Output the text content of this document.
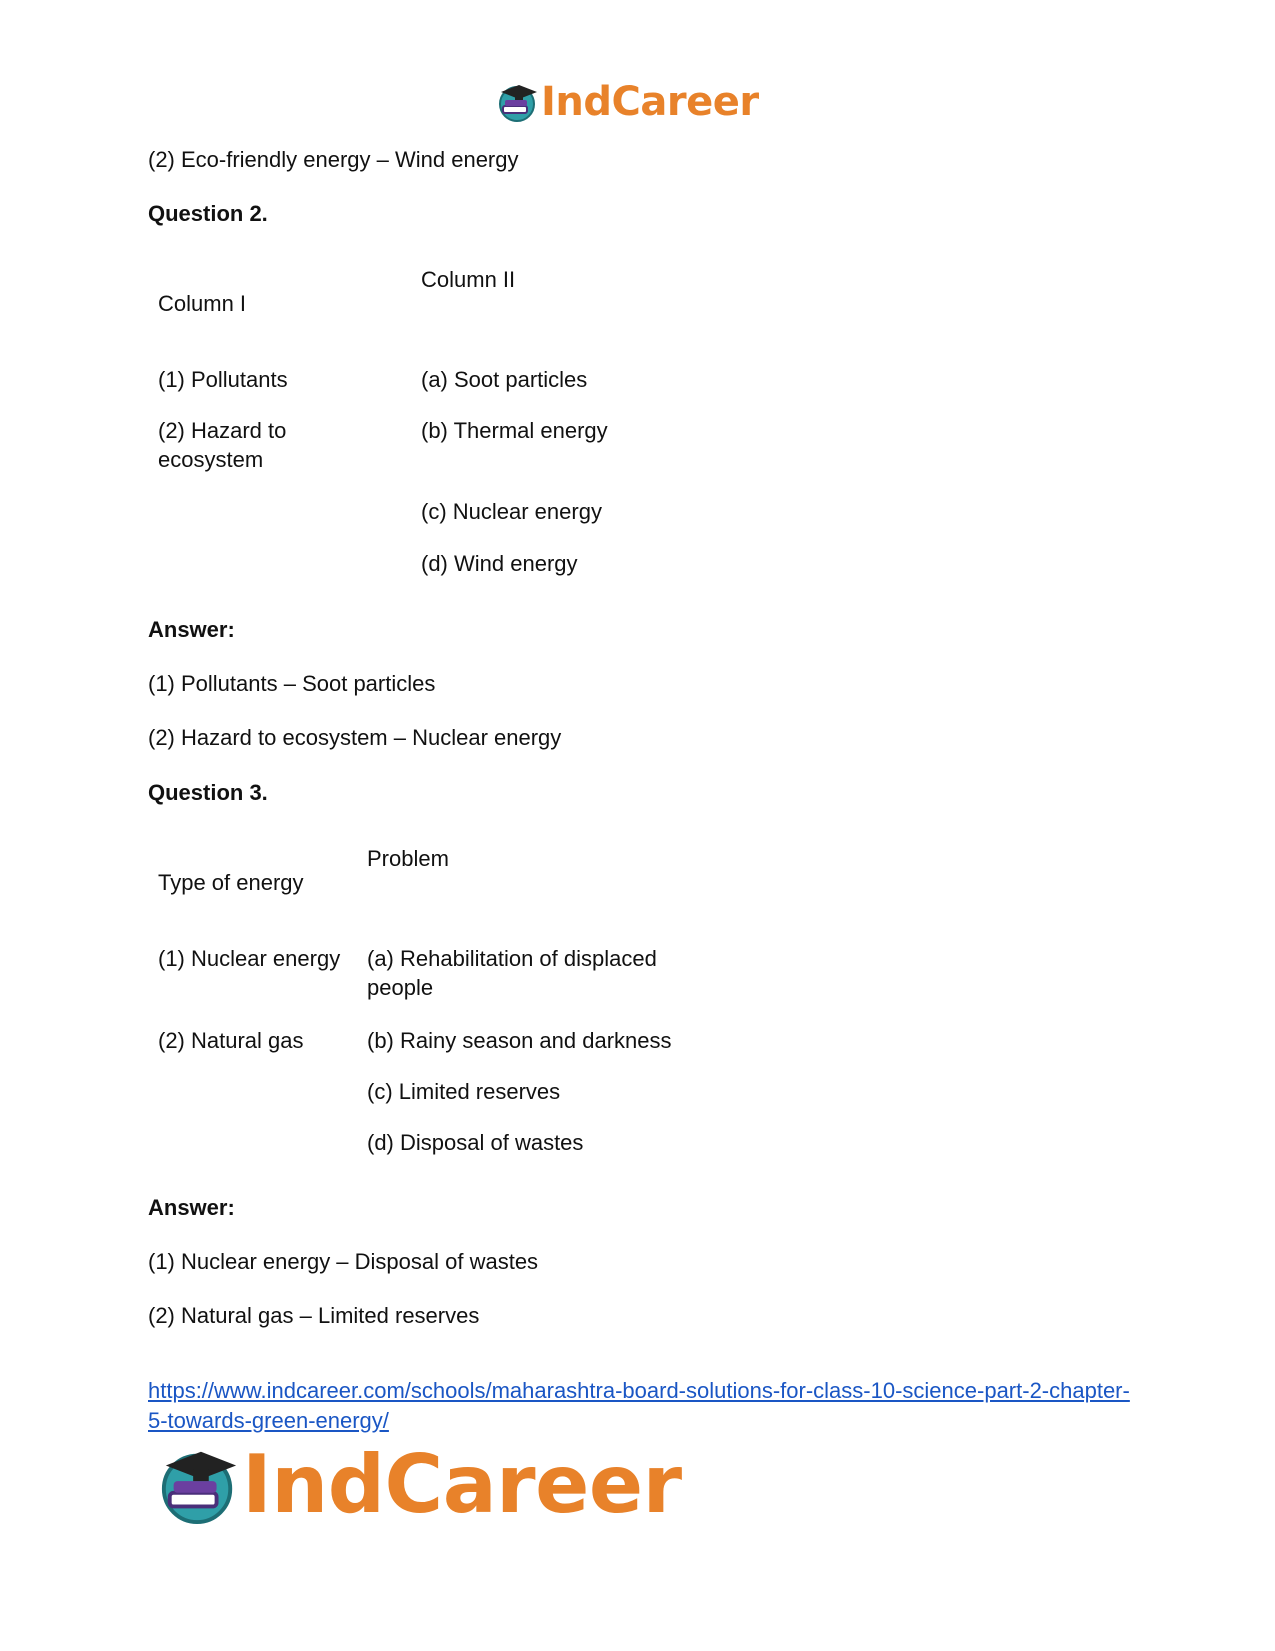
IndCareer
(2) Eco-friendly energy – Wind energy
Question 2.
Column I
Column II
(1) Pollutants
(2) Hazard to ecosystem
(a) Soot particles
(b) Thermal energy
(c) Nuclear energy
(d) Wind energy
Answer:
(1) Pollutants – Soot particles
(2) Hazard to ecosystem – Nuclear energy
Question 3.
Type of energy
Problem
(1) Nuclear energy
(2) Natural gas
(a) Rehabilitation of displaced people
(b) Rainy season and darkness
(c) Limited reserves
(d) Disposal of wastes
Answer:
(1) Nuclear energy – Disposal of wastes
(2) Natural gas – Limited reserves
https://www.indcareer.com/schools/maharashtra-board-solutions-for-class-10-science-part-2-chapter-5-towards-green-energy/
IndCareer
